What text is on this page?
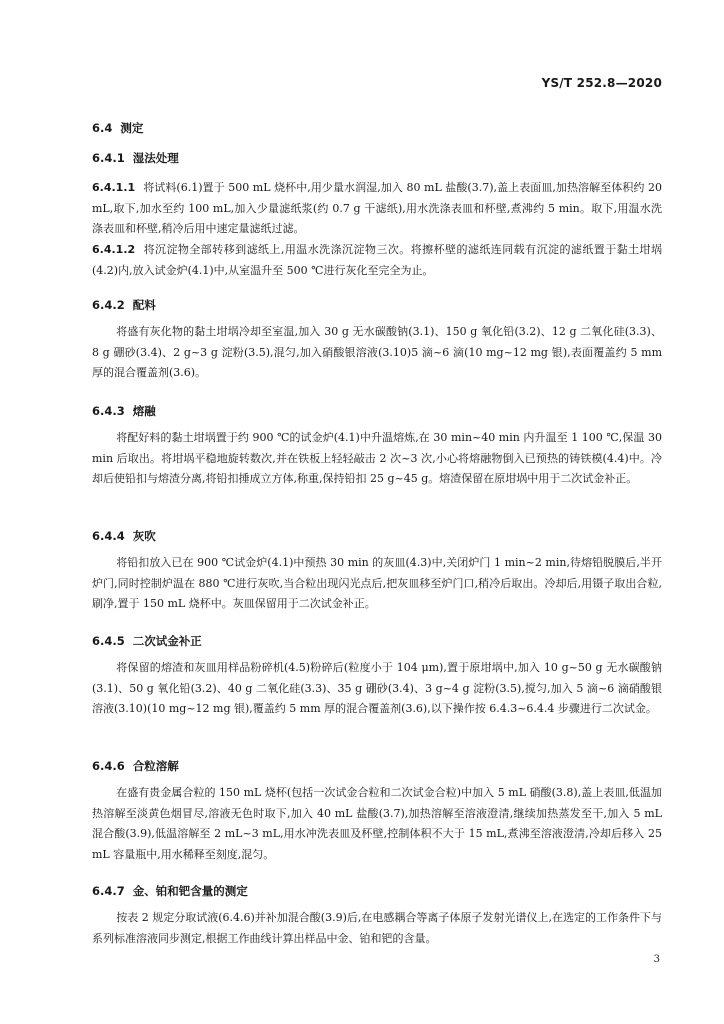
YS/T 252.8—2020
6.4 测定
6.4.1 湿法处理

6.4.1.1 将试料(6.1)置于 500 mL 烧杯中,用少量水润湿,加入 80 mL 盐酸(3.7),盖上表面皿,加热溶解至体积约 20 mL,取下,加水至约 100 mL,加入少量滤纸浆(约 0.7 g 干滤纸),用水洗涤表皿和杯壁,煮沸约 5 min。取下,用温水洗涤表皿和杯壁,稍冷后用中速定量滤纸过滤。

6.4.1.2 将沉淀物全部转移到滤纸上,用温水洗涤沉淀物三次。将擦杯壁的滤纸连同载有沉淀的滤纸置于黏土坩埚(4.2)内,放入试金炉(4.1)中,从室温升至 500 ℃进行灰化至完全为止。

6.4.2 配料

将盛有灰化物的黏土坩埚冷却至室温,加入 30 g 无水碳酸钠(3.1)、150 g 氧化铅(3.2)、12 g 二氧化硅(3.3)、8 g 硼砂(3.4)、2 g~3 g 淀粉(3.5),混匀,加入硝酸银溶液(3.10)5 滴~6 滴(10 mg~12 mg 银),表面覆盖约 5 mm 厚的混合覆盖剂(3.6)。

6.4.3 熔融

将配好料的黏土坩埚置于约 900 ℃的试金炉(4.1)中升温熔炼,在 30 min~40 min 内升温至 1 100 ℃,保温 30 min 后取出。将坩埚平稳地旋转数次,并在铁板上轻轻敲击 2 次~3 次,小心将熔融物倒入已预热的铸铁模(4.4)中。冷却后使铅扣与熔渣分离,将铅扣捶成立方体,称重,保持铅扣 25 g~45 g。熔渣保留在原坩埚中用于二次试金补正。

6.4.4 灰吹

将铅扣放入已在 900 ℃试金炉(4.1)中预热 30 min 的灰皿(4.3)中,关闭炉门 1 min~2 min,待熔铅脱膜后,半开炉门,同时控制炉温在 880 ℃进行灰吹,当合粒出现闪光点后,把灰皿移至炉门口,稍冷后取出。冷却后,用镊子取出合粒,刷净,置于 150 mL 烧杯中。灰皿保留用于二次试金补正。

6.4.5 二次试金补正

将保留的熔渣和灰皿用样品粉碎机(4.5)粉碎后(粒度小于 104 μm),置于原坩埚中,加入 10 g~50 g 无水碳酸钠(3.1)、50 g 氧化铅(3.2)、40 g 二氧化硅(3.3)、35 g 硼砂(3.4)、3 g~4 g 淀粉(3.5),搅匀,加入 5 滴~6 滴硝酸银溶液(3.10)(10 mg~12 mg 银),覆盖约 5 mm 厚的混合覆盖剂(3.6),以下操作按 6.4.3~6.4.4 步骤进行二次试金。

6.4.6 合粒溶解

在盛有贵金属合粒的 150 mL 烧杯(包括一次试金合粒和二次试金合粒)中加入 5 mL 硝酸(3.8),盖上表皿,低温加热溶解至淡黄色烟冒尽,溶液无色时取下,加入 40 mL 盐酸(3.7),加热溶解至溶液澄清,继续加热蒸发至干,加入 5 mL 混合酸(3.9),低温溶解至 2 mL~3 mL,用水冲洗表皿及杯壁,控制体积不大于 15 mL,煮沸至溶液澄清,冷却后移入 25 mL 容量瓶中,用水稀释至刻度,混匀。

6.4.7 金、铂和钯含量的测定

按表 2 规定分取试液(6.4.6)并补加混合酸(3.9)后,在电感耦合等离子体原子发射光谱仪上,在选定的工作条件下与系列标准溶液同步测定,根据工作曲线计算出样品中金、铂和钯的含量。

3
